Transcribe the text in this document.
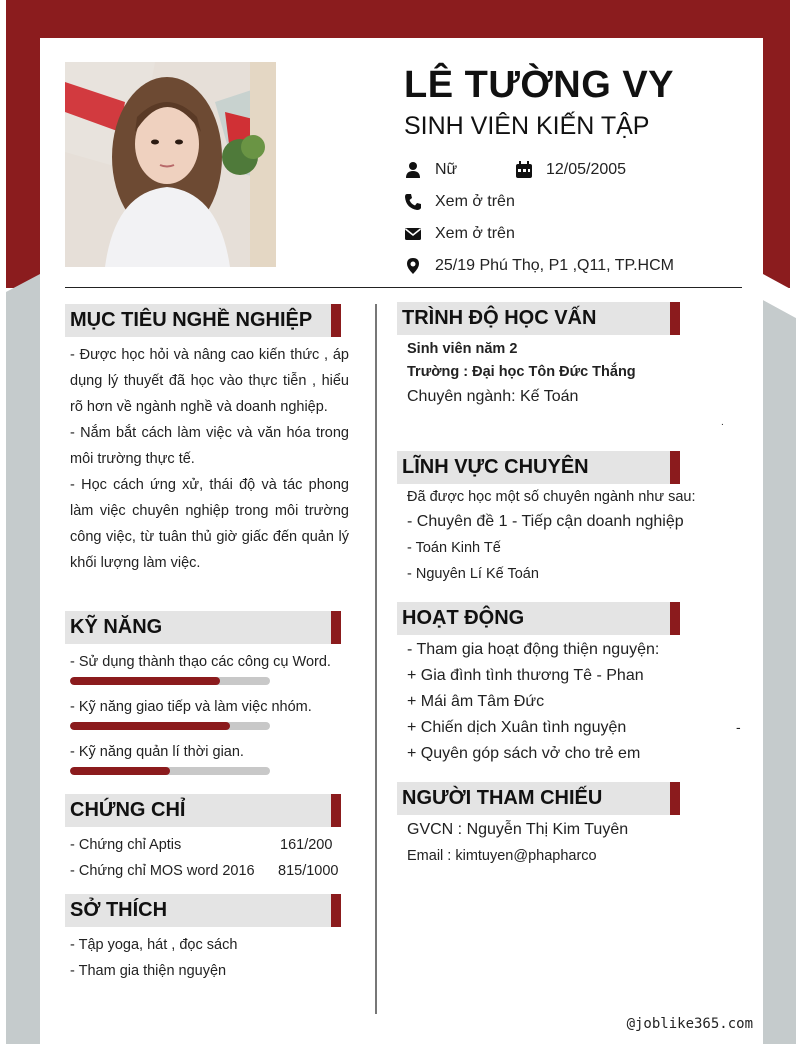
LÊ TƯỜNG VY
SINH VIÊN KIẾN TẬP
Nữ	12/05/2005
Xem ở trên
Xem ở trên
25/19 Phú Thọ, P1 ,Q11, TP.HCM
MỤC TIÊU NGHỀ NGHIỆP
- Được học hỏi và nâng cao kiến thức , áp dụng lý thuyết đã học vào thực tiễn , hiểu rõ hơn về ngành nghề và doanh nghiệp.
- Nắm bắt cách làm việc và văn hóa trong môi trường thực tế.
- Học cách ứng xử, thái độ và tác phong làm việc chuyên nghiệp trong môi trường công việc, từ tuân thủ giờ giấc đến quản lý khối lượng làm việc.
KỸ NĂNG
- Sử dụng thành thạo các công cụ Word.
- Kỹ năng giao tiếp và làm việc nhóm.
- Kỹ năng quản lí thời gian.
CHỨNG CHỈ
- Chứng chỉ Aptis	161/200
- Chứng chỉ MOS word 2016 815/1000
SỞ THÍCH
- Tập yoga, hát , đọc sách
- Tham gia thiện nguyện
TRÌNH ĐỘ HỌC VẤN
Sinh viên năm 2
Trường : Đại học Tôn Đức Thắng
Chuyên ngành: Kế Toán
.
LĨNH VỰC CHUYÊN
Đã được học một số chuyên ngành như sau:
- Chuyên đề 1 - Tiếp cận doanh nghiệp
- Toán Kinh Tế
- Nguyên Lí Kế Toán
HOẠT ĐỘNG
- Tham gia hoạt động thiện nguyện:
+ Gia đình tình thương Tê - Phan
+ Mái âm Tâm Đức
+ Chiến dịch Xuân tình nguyện	-
+ Quyên góp sách vở cho trẻ em
NGƯỜI THAM CHIẾU
GVCN : Nguyễn Thị Kim Tuyên
Email : kimtuyen@phapharco
@joblike365.com
